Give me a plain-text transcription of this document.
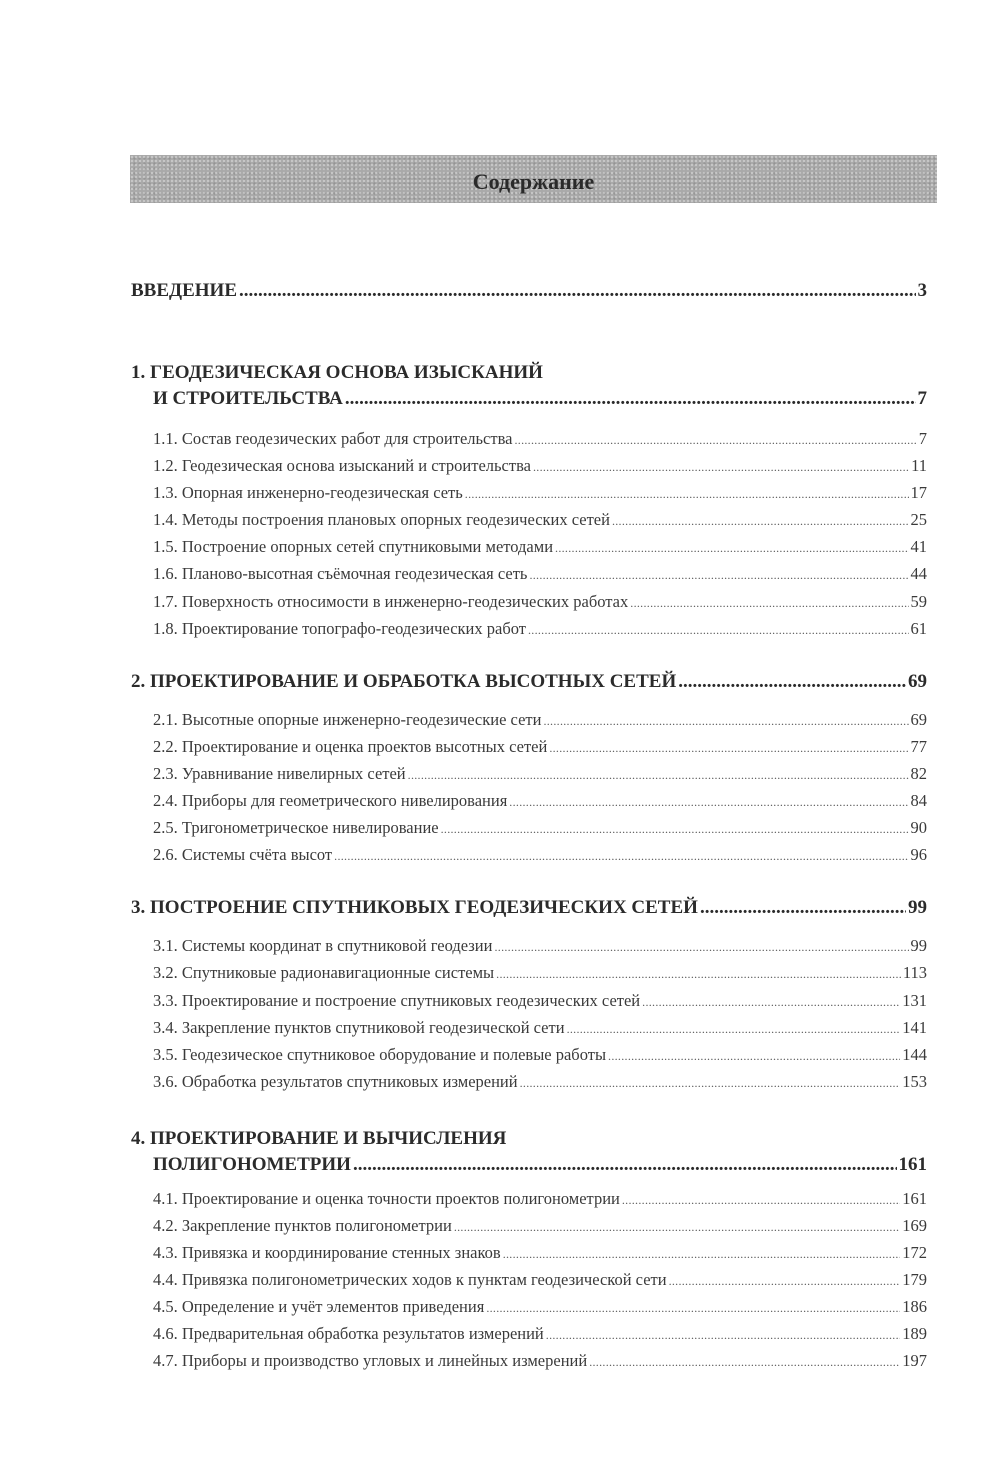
Содержание
ВВЕДЕНИЕ .....	3
1. ГЕОДЕЗИЧЕСКАЯ ОСНОВА ИЗЫСКАНИЙ
И СТРОИТЕЛЬСТВА .....	7
1.1. Состав геодезических работ для строительства .....	7
1.2. Геодезическая основа изысканий и строительства .....	11
1.3. Опорная инженерно-геодезическая сеть .....	17
1.4. Методы построения плановых опорных геодезических сетей .....	25
1.5. Построение опорных сетей спутниковыми методами .....	41
1.6. Планово-высотная съёмочная геодезическая сеть .....	44
1.7. Поверхность относимости в инженерно-геодезических работах .....	59
1.8. Проектирование топографо-геодезических работ .....	61
2. ПРОЕКТИРОВАНИЕ И ОБРАБОТКА ВЫСОТНЫХ СЕТЕЙ .....	69
2.1. Высотные опорные инженерно-геодезические сети .....	69
2.2. Проектирование и оценка проектов высотных сетей .....	77
2.3. Уравнивание нивелирных сетей .....	82
2.4. Приборы для геометрического нивелирования .....	84
2.5. Тригонометрическое нивелирование .....	90
2.6. Системы счёта высот .....	96
3. ПОСТРОЕНИЕ СПУТНИКОВЫХ ГЕОДЕЗИЧЕСКИХ СЕТЕЙ .....	99
3.1. Системы координат в спутниковой геодезии .....	99
3.2. Спутниковые радионавигационные системы .....	113
3.3. Проектирование и построение спутниковых геодезических сетей .....	131
3.4. Закрепление пунктов спутниковой геодезической сети .....	141
3.5. Геодезическое спутниковое оборудование и полевые работы .....	144
3.6. Обработка результатов спутниковых измерений .....	153
4. ПРОЕКТИРОВАНИЕ И ВЫЧИСЛЕНИЯ
ПОЛИГОНОМЕТРИИ .....	161
4.1. Проектирование и оценка точности проектов полигонометрии .....	161
4.2. Закрепление пунктов полигонометрии .....	169
4.3. Привязка и координирование стенных знаков .....	172
4.4. Привязка полигонометрических ходов к пунктам геодезической сети .....	179
4.5. Определение и учёт элементов приведения .....	186
4.6. Предварительная обработка результатов измерений .....	189
4.7. Приборы и производство угловых и линейных измерений .....	197
